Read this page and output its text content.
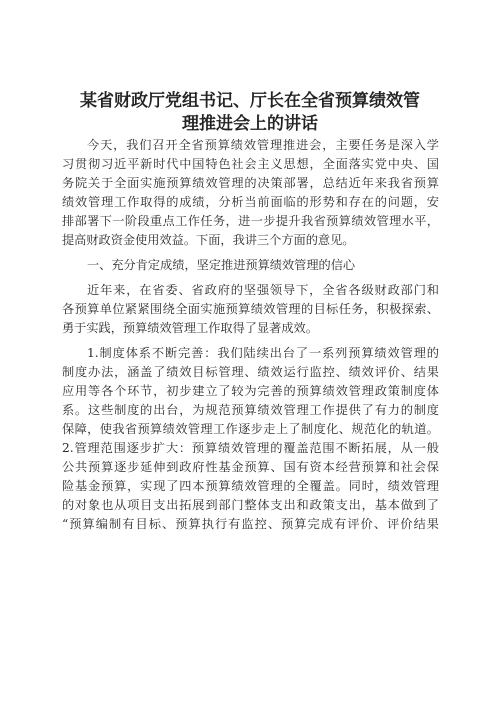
某省财政厅党组书记、厅长在全省预算绩效管
理推进会上的讲话

今天，我们召开全省预算绩效管理推进会，主要任务是深入学

习贯彻习近平新时代中国特色社会主义思想，全面落实党中央、国

务院关于全面实施预算绩效管理的决策部署，总结近年来我省预算

绩效管理工作取得的成绩，分析当前面临的形势和存在的问题，安

排部署下一阶段重点工作任务，进一步提升我省预算绩效管理水平，

提高财政资金使用效益。下面，我讲三个方面的意见。

一、充分肯定成绩，坚定推进预算绩效管理的信心

近年来，在省委、省政府的坚强领导下，全省各级财政部门和

各预算单位紧紧围绕全面实施预算绩效管理的目标任务，积极探索、

勇于实践，预算绩效管理工作取得了显著成效。

1.制度体系不断完善：我们陆续出台了一系列预算绩效管理的

制度办法，涵盖了绩效目标管理、绩效运行监控、绩效评价、结果

应用等各个环节，初步建立了较为完善的预算绩效管理政策制度体

系。这些制度的出台，为规范预算绩效管理工作提供了有力的制度

保障，使我省预算绩效管理工作逐步走上了制度化、规范化的轨道。

2.管理范围逐步扩大：预算绩效管理的覆盖范围不断拓展，从一般

公共预算逐步延伸到政府性基金预算、国有资本经营预算和社会保

险基金预算，实现了四本预算绩效管理的全覆盖。同时，绩效管理

的对象也从项目支出拓展到部门整体支出和政策支出，基本做到了

“预算编制有目标、预算执行有监控、预算完成有评价、评价结果
